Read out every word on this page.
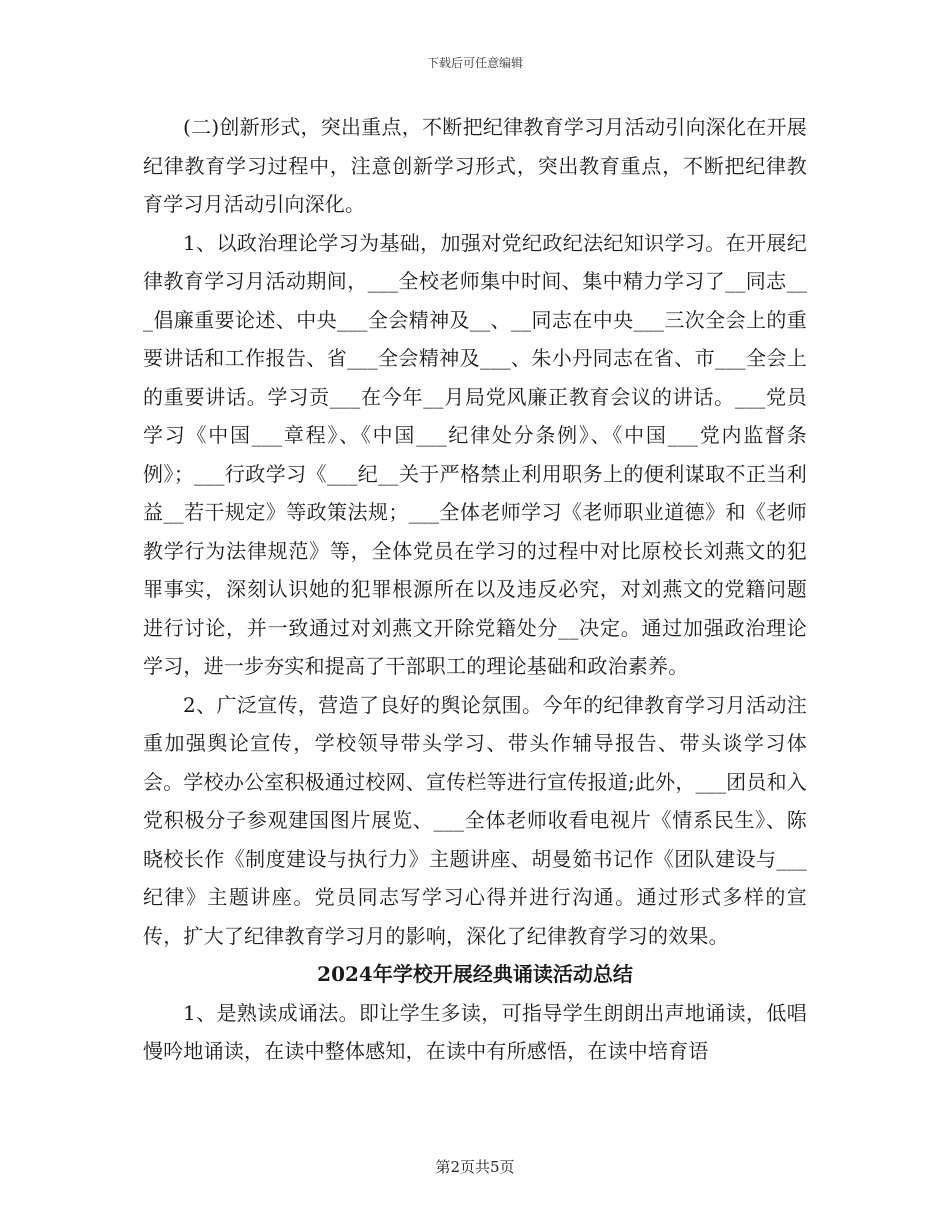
下载后可任意编辑

(二)创新形式，突出重点，不断把纪律教育学习月活动引向深化在开展纪律教育学习过程中，注意创新学习形式，突出教育重点，不断把纪律教育学习月活动引向深化。

1、以政治理论学习为基础，加强对党纪政纪法纪知识学习。在开展纪律教育学习月活动期间，___全校老师集中时间、集中精力学习了__同志___倡廉重要论述、中央___全会精神及__、__同志在中央___三次全会上的重要讲话和工作报告、省___全会精神及___、朱小丹同志在省、市___全会上的重要讲话。学习贡___在今年__月局党风廉正教育会议的讲话。___党员学习《中国___章程》、《中国___纪律处分条例》、《中国___党内监督条例》；___行政学习《___纪__关于严格禁止利用职务上的便利谋取不正当利益__若干规定》等政策法规；___全体老师学习《老师职业道德》和《老师教学行为法律规范》等，全体党员在学习的过程中对比原校长刘燕文的犯罪事实，深刻认识她的犯罪根源所在以及违反必究，对刘燕文的党籍问题进行讨论，并一致通过对刘燕文开除党籍处分__决定。通过加强政治理论学习，进一步夯实和提高了干部职工的理论基础和政治素养。

2、广泛宣传，营造了良好的舆论氛围。今年的纪律教育学习月活动注重加强舆论宣传，学校领导带头学习、带头作辅导报告、带头谈学习体会。学校办公室积极通过校网、宣传栏等进行宣传报道;此外，___团员和入党积极分子参观建国图片展览、___全体老师收看电视片《情系民生》、陈晓校长作《制度建设与执行力》主题讲座、胡曼筎书记作《团队建设与___纪律》主题讲座。党员同志写学习心得并进行沟通。通过形式多样的宣传，扩大了纪律教育学习月的影响，深化了纪律教育学习的效果。

2024年学校开展经典诵读活动总结

1、是熟读成诵法。即让学生多读，可指导学生朗朗出声地诵读，低唱慢吟地诵读，在读中整体感知，在读中有所感悟，在读中培育语

第2页共5页
